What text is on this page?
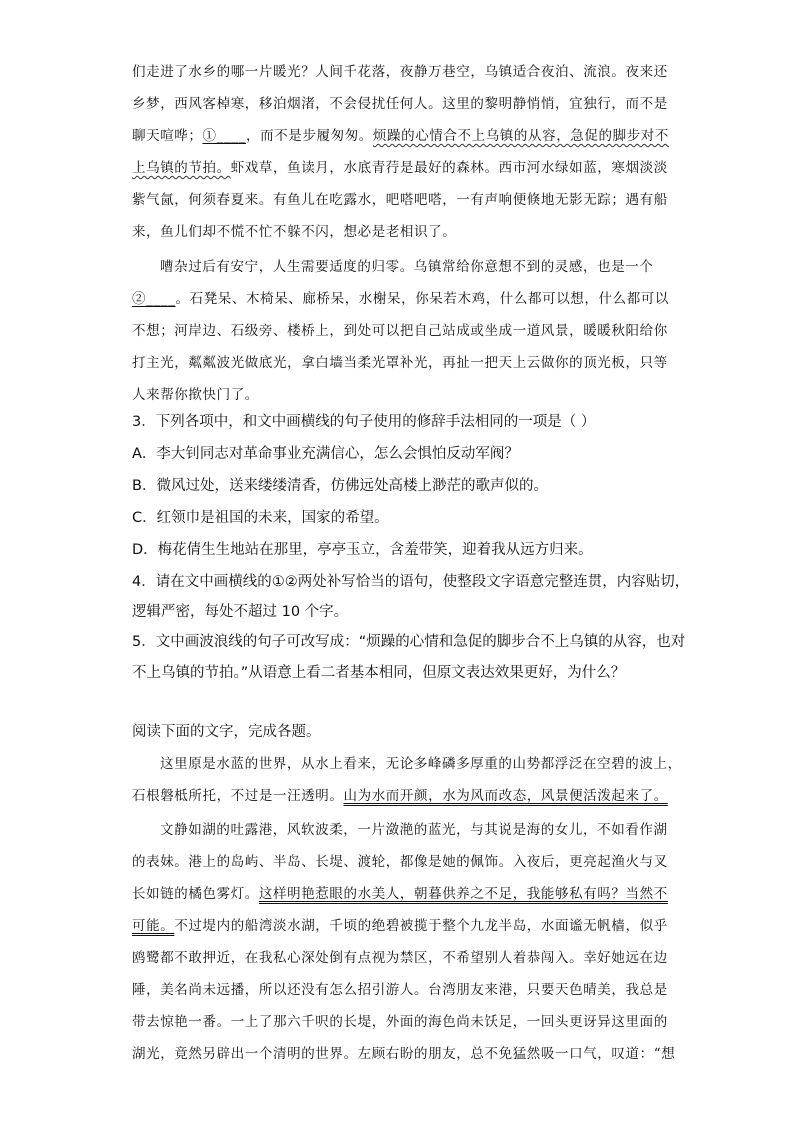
们走进了水乡的哪一片暖光？人间千花落，夜静万巷空，乌镇适合夜泊、流浪。夜来还
乡梦，西风客棹寒，移泊烟渚，不会侵扰任何人。这里的黎明静悄悄，宜独行，而不是
聊天喧哗；①____，而不是步履匆匆。烦躁的心情合不上乌镇的从容，急促的脚步对不
上乌镇的节拍。虾戏草，鱼读月，水底青荇是最好的森林。西市河水绿如蓝，寒烟淡淡
紫气氤，何须春夏来。有鱼儿在吃露水，吧嗒吧嗒，一有声响便倏地无影无踪；遇有船
来，鱼儿们却不慌不忙不躲不闪，想必是老相识了。
嘈杂过后有安宁，人生需要适度的归零。乌镇常给你意想不到的灵感，也是一个
②____。石凳呆、木椅呆、廊桥呆，水榭呆，你呆若木鸡，什么都可以想，什么都可以
不想；河岸边、石级旁、楼桥上，到处可以把自己站成或坐成一道风景，暖暖秋阳给你
打主光，粼粼波光做底光，拿白墙当柔光罩补光，再扯一把天上云做你的顶光板，只等
人来帮你揿快门了。
3．下列各项中，和文中画横线的句子使用的修辞手法相同的一项是（ ）
A．李大钊同志对革命事业充满信心，怎么会惧怕反动军阀？
B．微风过处，送来缕缕清香，仿佛远处高楼上渺茫的歌声似的。
C．红领巾是祖国的未来，国家的希望。
D．梅花倩生生地站在那里，亭亭玉立，含羞带笑，迎着我从远方归来。
4．请在文中画横线的①②两处补写恰当的语句，使整段文字语意完整连贯，内容贴切，
逻辑严密，每处不超过 10 个字。
5．文中画波浪线的句子可改写成：“烦躁的心情和急促的脚步合不上乌镇的从容，也对
不上乌镇的节拍。”从语意上看二者基本相同，但原文表达效果更好，为什么？
阅读下面的文字，完成各题。
这里原是水蓝的世界，从水上看来，无论多峰磷多厚重的山势都浮泛在空碧的波上，
石根磐柢所托，不过是一汪透明。山为水而开颜，水为风而改态，风景便活泼起来了。
文静如湖的吐露港，风软波柔，一片潋滟的蓝光，与其说是海的女儿，不如看作湖
的表妹。港上的岛屿、半岛、长堤、渡轮，都像是她的佩饰。入夜后，更亮起渔火与叉
长如链的橘色雾灯。这样明艳惹眼的水美人，朝暮供养之不足，我能够私有吗？当然不
可能。不过堤内的船湾淡水湖，千顷的绝碧被揽于整个九龙半岛，水面谧无帆樯，似乎
鸥鹭都不敢押近，在我私心深处倒有点视为禁区，不希望别人着恭闯入。幸好她远在边
陲，美名尚未远播，所以还没有怎么招引游人。台湾朋友来港，只要天色晴美，我总是
带去惊艳一番。一上了那六千呎的长堤，外面的海色尚未饫足，一回头更讶异这里面的
湖光，竟然另辟出一个清明的世界。左顾右盼的朋友，总不免猛然吸一口气，叹道：“想
